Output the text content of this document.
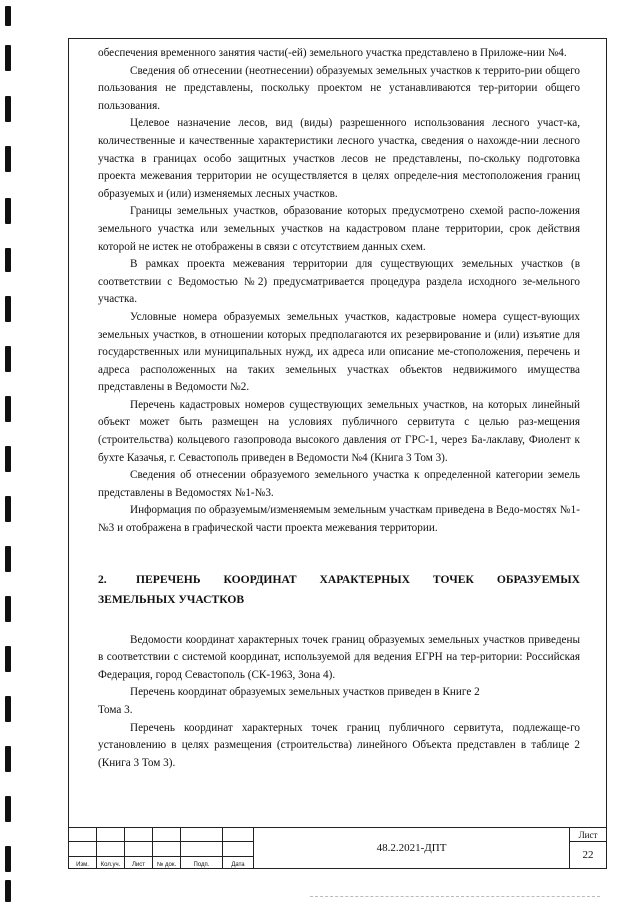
обеспечения временного занятия части(-ей) земельного участка представлено в Приложе-нии №4.

Сведения об отнесении (неотнесении) образуемых земельных участков к террито-рии общего пользования не представлены, поскольку проектом не устанавливаются тер-ритории общего пользования.

Целевое назначение лесов, вид (виды) разрешенного использования лесного участ-ка, количественные и качественные характеристики лесного участка, сведения о нахожде-нии лесного участка в границах особо защитных участков лесов не представлены, по-скольку подготовка проекта межевания территории не осуществляется в целях определе-ния местоположения границ образуемых и (или) изменяемых лесных участков.

Границы земельных участков, образование которых предусмотрено схемой распо-ложения земельного участка или земельных участков на кадастровом плане территории, срок действия которой не истек не отображены в связи с отсутствием данных схем.

В рамках проекта межевания территории для существующих земельных участков (в соответствии с Ведомостью №2) предусматривается процедура раздела исходного зе-мельного участка.

Условные номера образуемых земельных участков, кадастровые номера сущест-вующих земельных участков, в отношении которых предполагаются их резервирование и (или) изъятие для государственных или муниципальных нужд, их адреса или описание ме-стоположения, перечень и адреса расположенных на таких земельных участках объектов недвижимого имущества представлены в Ведомости №2.

Перечень кадастровых номеров существующих земельных участков, на которых линейный объект может быть размещен на условиях публичного сервитута с целью раз-мещения (строительства) кольцевого газопровода высокого давления от ГРС-1, через Ба-лаклаву, Фиолент к бухте Казачья, г. Севастополь приведен в Ведомости №4 (Книга 3 Том 3).

Сведения об отнесении образуемого земельного участка к определенной категории земель представлены в Ведомостях №1-№3.

Информация по образуемым/изменяемым земельным участкам приведена в Ведо-мостях №1-№3 и отображена в графической части проекта межевания территории.

2.	ПЕРЕЧЕНЬ КООРДИНАТ ХАРАКТЕРНЫХ ТОЧЕК ОБРАЗУЕМЫХ ЗЕМЕЛЬНЫХ УЧАСТКОВ

Ведомости координат характерных точек границ образуемых земельных участков приведены в соответствии с системой координат, используемой для ведения ЕГРН на тер-ритории: Российская Федерация, город Севастополь (СК-1963, Зона 4).

Перечень координат образуемых земельных участков приведен в Книге 2

Тома 3.

Перечень координат характерных точек границ публичного сервитута, подлежаще-го установлению в целях размещения (строительства) линейного Объекта представлен в таблице 2 (Книга 3 Том 3).

						48.2.2021-ДПТ	Лист
							22
Изм.	Кол.уч.	Лист	№ док.	Подп.	Дата		
